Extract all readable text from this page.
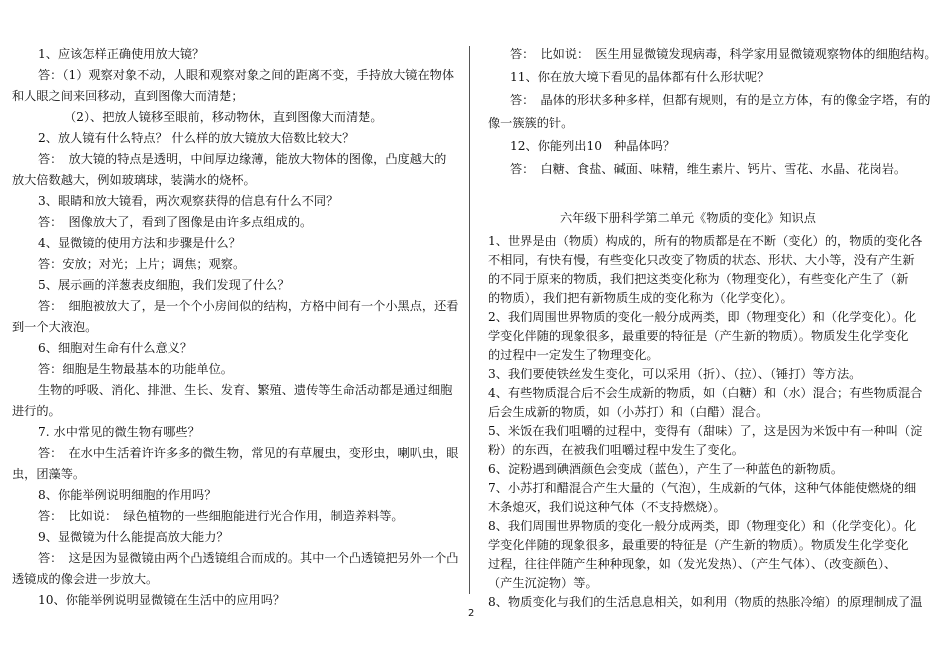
1、应该怎样正确使用放大镜？
答：（1）观察对象不动，人眼和观察对象之间的距离不变，手持放大镜在物体
和人眼之间来回移动，直到图像大而清楚；
（2）、把放人镜移至眼前，移动物休，直到图像大而清楚。
2、放人镜有什么特点？ 什么样的放大镜放大倍数比较大？
答：　放大镜的特点是透明，中间厚边缘薄，能放大物体的图像，凸度越大的
放大倍数越大，例如玻璃球，装满水的烧杯。
3、眼睛和放大镜看，两次观察获得的信息有什么不同？
答：　图像放大了，看到了图像是由许多点组成的。
4、显微镜的使用方法和步骤是什么？
答：安放；对光；上片；调焦；观察。
5、展示画的洋葱表皮细胞，我们发现了什么？
答：　细胞被放大了，是一个个小房间似的结构，方格中间有一个小黑点，还看
到一个大液泡。
6、细胞对生命有什么意义？
答：细胞是生物最基本的功能单位。
生物的呼吸、消化、排泄、生长、发育、繁殖、遗传等生命活动都是通过细胞
进行的。
7. 水中常见的微生物有哪些？
答：　在水中生活着许许多多的微生物，常见的有草履虫，变形虫，喇叭虫，眼
虫，团藻等。
8、你能举例说明细胞的作用吗？
答：　比如说：　绿色植物的一些细胞能进行光合作用，制造养料等。
9、显微镜为什么能提高放大能力？
答：　这是因为显微镜由两个凸透镜组合而成的。其中一个凸透镜把另外一个凸
透镜成的像会进一步放大。
10、你能举例说明显微镜在生活中的应用吗？
答：　比如说：　医生用显微镜发现病毒，科学家用显微镜观察物体的细胞结构。
11、你在放大境下看见的晶体都有什么形状呢？
答：　晶体的形状多种多样，但都有规则，有的是立方体，有的像金字塔，有的
像一簇簇的针。
12、你能列出10　种晶体吗？
答：　白糖、食盐、碱面、味精，维生素片、钙片、雪花、水晶、花岗岩。
六年级下册科学第二单元《物质的变化》知识点
1、世界是由（物质）构成的，所有的物质都是在不断（变化）的，物质的变化各
不相同，有快有慢，有些变化只改变了物质的状态、形状、大小等，没有产生新
的不同于原来的物质，我们把这类变化称为（物理变化），有些变化产生了（新
的物质），我们把有新物质生成的变化称为（化学变化）。
2、我们周围世界物质的变化一般分成两类，即（物理变化）和（化学变化）。化
学变化伴随的现象很多，最重要的特征是（产生新的物质）。物质发生化学变化
的过程中一定发生了物理变化。
3、我们要使铁丝发生变化，可以采用（折）、（拉）、（锤打）等方法。
4、有些物质混合后不会生成新的物质，如（白糖）和（水）混合；有些物质混合
后会生成新的物质，如（小苏打）和（白醋）混合。
5、米饭在我们咀嚼的过程中，变得有（甜味）了，这是因为米饭中有一种叫（淀
粉）的东西，在被我们咀嚼过程中发生了变化。
6、淀粉遇到碘酒颜色会变成（蓝色），产生了一种蓝色的新物质。
7、小苏打和醋混合产生大量的（气泡），生成新的气体，这种气体能使燃烧的细
木条熄灭，我们说这种气体（不支持燃烧）。
8、我们周围世界物质的变化一般分成两类，即（物理变化）和（化学变化）。化
学变化伴随的现象很多，最重要的特征是（产生新的物质）。物质发生化学变化
过程，往往伴随产生种种现象，如（发光发热）、（产生气体）、（改变颜色）、
（产生沉淀物）等。
8、物质变化与我们的生活息息相关，如利用（物质的热胀冷缩）的原理制成了温
2
